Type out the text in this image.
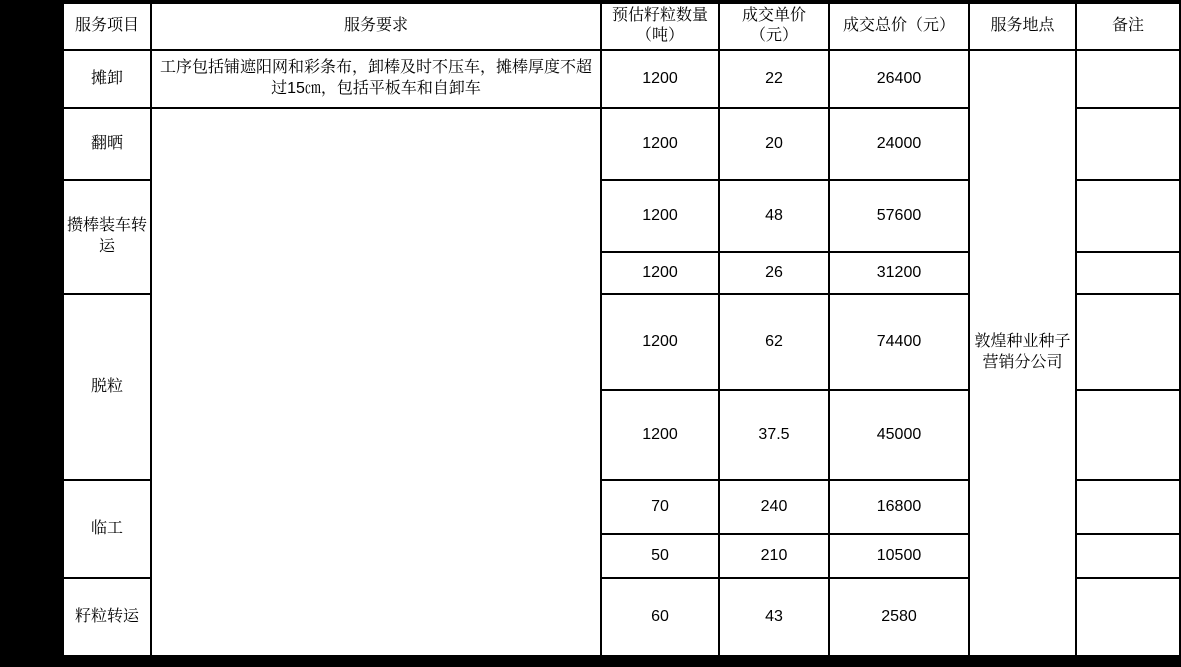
服务项目	服务要求	预估籽粒数量（吨）	成交单价（元）	成交总价（元）	服务地点	备注
摊卸	工序包括铺遮阳网和彩条布，卸棒及时不压车，摊棒厚度不超过15㎝，包括平板车和自卸车	1200	22	26400	敦煌种业种子营销分公司	
翻晒		1200	20	24000		
攒棒装车转运		1200	48	57600		
		1200	26	31200		
脱粒		1200	62	74400		
		1200	37.5	45000		
临工		70	240	16800		
		50	210	10500		
籽粒转运		60	43	2580		
